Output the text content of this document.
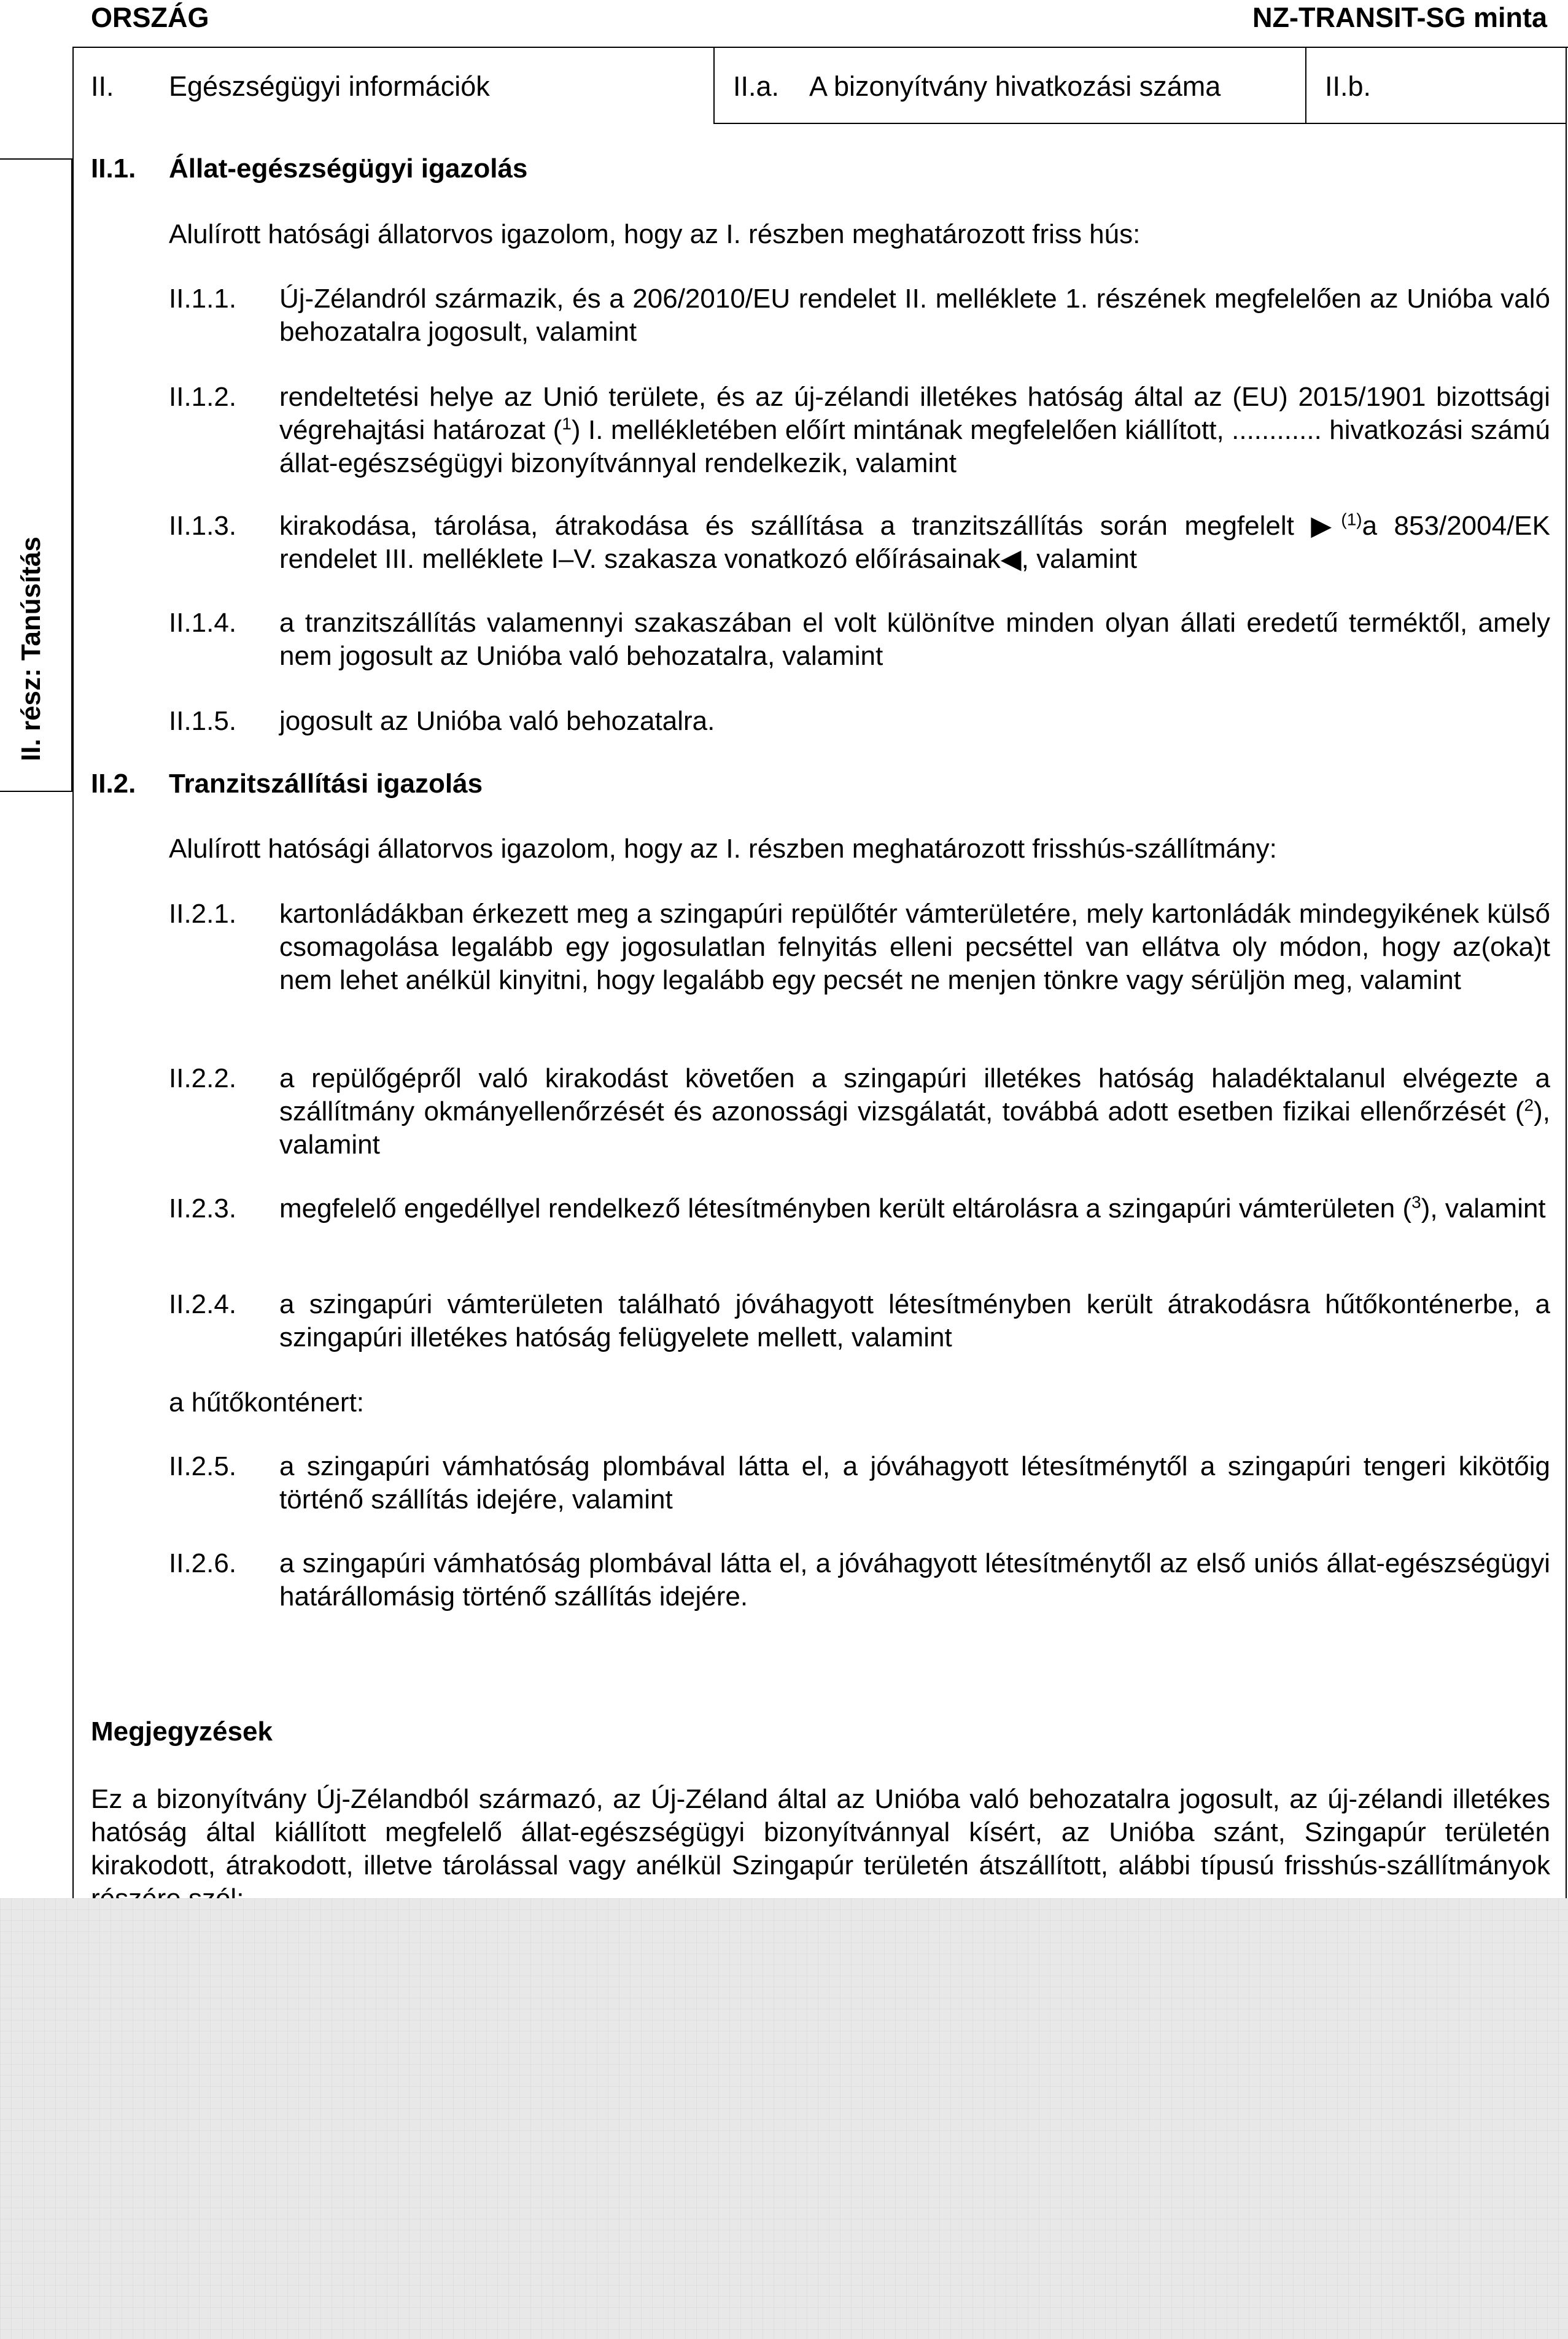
ORSZÁG	NZ-TRANSIT-SG minta
II. Egészségügyi információk	II.a. A bizonyítvány hivatkozási száma	II.b.
II. rész: Tanúsítás
II.1. Állat-egészségügyi igazolás
Alulírott hatósági állatorvos igazolom, hogy az I. részben meghatározott friss hús:
II.1.1. Új-Zélandról származik, és a 206/2010/EU rendelet II. melléklete 1. részének megfelelően az Unióba való behozatalra jogosult, valamint
II.1.2. rendeltetési helye az Unió területe, és az új-zélandi illetékes hatóság által az (EU) 2015/1901 bizottsági végrehajtási határozat ($^1$) I. mellékletében előírt mintának megfelelően kiállított, ............ hivatkozási számú állat-egészségügyi bizonyítvánnyal rendelkezik, valamint
II.1.3. kirakodása, tárolása, átrakodása és szállítása a tranzitszállítás során megfelelt ▶$^{(1)}$a 853/2004/EK rendelet III. melléklete I–V. szakasza vonatkozó előírásainak◀, valamint
II.1.4. a tranzitszállítás valamennyi szakaszában el volt különítve minden olyan állati eredetű terméktől, amely nem jogosult az Unióba való behozatalra, valamint
II.1.5. jogosult az Unióba való behozatalra.
II.2. Tranzitszállítási igazolás
Alulírott hatósági állatorvos igazolom, hogy az I. részben meghatározott frisshús-szállítmány:
II.2.1. kartonládákban érkezett meg a szingapúri repülőtér vámterületére, mely kartonládák mindegyikének külső csomagolása legalább egy jogosulatlan felnyitás elleni pecséttel van ellátva oly módon, hogy az(oka)t nem lehet anélkül kinyitni, hogy legalább egy pecsét ne menjen tönkre vagy sérüljön meg, valamint
II.2.2. a repülőgépről való kirakodást követően a szingapúri illetékes hatóság haladéktalanul elvégezte a szállítmány okmányellenőrzését és azonossági vizsgálatát, továbbá adott esetben fizikai ellenőrzését ($^2$), valamint
II.2.3. megfelelő engedéllyel rendelkező létesítményben került eltárolásra a szingapúri vámterületen ($^3$), valamint
II.2.4. a szingapúri vámterületen található jóváhagyott létesítményben került átrakodásra hűtőkonténerbe, a szingapúri illetékes hatóság felügyelete mellett, valamint
a hűtőkonténert:
II.2.5. a szingapúri vámhatóság plombával látta el, a jóváhagyott létesítménytől a szingapúri tengeri kikötőig történő szállítás idejére, valamint
II.2.6. a szingapúri vámhatóság plombával látta el, a jóváhagyott létesítménytől az első uniós állat-egészségügyi határállomásig történő szállítás idejére.
Megjegyzések
Ez a bizonyítvány Új-Zélandból származó, az Új-Zéland által az Unióba való behozatalra jogosult, az új-zélandi illetékes hatóság által kiállított megfelelő állat-egészségügyi bizonyítvánnyal kísért, az Unióba szánt, Szingapúr területén kirakodott, átrakodott, illetve tárolással vagy anélkül Szingapúr területén átszállított, alábbi típusú frisshús-szállítmányok
